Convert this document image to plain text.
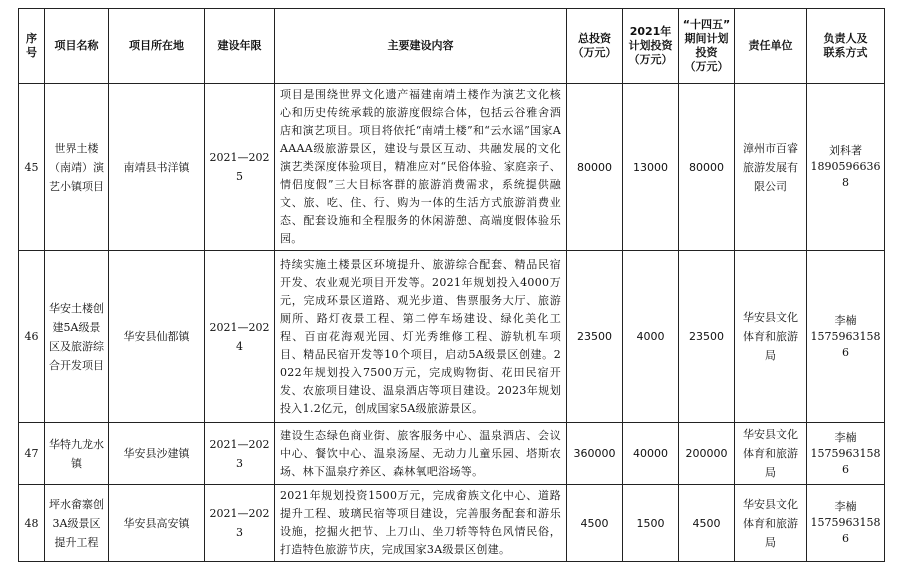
序号	项目名称	项目所在地	建设年限	主要建设内容	总投资
（万元）	2021年
计划投资
（万元）	“十四五”
期间计划
投资
（万元）	责任单位	负责人及
联系方式
45	世界土楼（南靖）演艺小镇项目	南靖县书洋镇	2021—2025	项目是围绕世界文化遗产福建南靖土楼作为演艺文化核心和历史传统承载的旅游度假综合体，包括云谷雅舍酒店和演艺项目。项目将依托“南靖土楼”和“云水谣”国家AAAAA级旅游景区，建设与景区互动、共融发展的文化演艺类深度体验项目，精准应对“民俗体验、家庭亲子、情侣度假”三大目标客群的旅游消费需求，系统提供融文、旅、吃、住、行、购为一体的生活方式旅游消费业态、配套设施和全程服务的休闲游憩、高端度假体验乐园。	80000	13000	80000	漳州市百睿旅游发展有限公司	刘科著
18905966368

46	华安土楼创建5A级景区及旅游综合开发项目	华安县仙都镇	2021—2024	持续实施土楼景区环境提升、旅游综合配套、精品民宿开发、农业观光项目开发等。2021年规划投入4000万元，完成环景区道路、观光步道、售票服务大厅、旅游厕所、路灯夜景工程、第二停车场建设、绿化美化工程、百亩花海观光园、灯光秀维修工程、游轨机车项目、精品民宿开发等10个项目，启动5A级景区创建。2022年规划投入7500万元，完成购物街、花田民宿开发、农旅项目建设、温泉酒店等项目建设。2023年规划投入1.2亿元，创成国家5A级旅游景区。	23500	4000	23500	华安县文化体育和旅游局	李楠
15759631586

47	华特九龙水镇	华安县沙建镇	2021—2023	建设生态绿色商业街、旅客服务中心、温泉酒店、会议中心、餐饮中心、温泉汤屋、无动力儿童乐园、塔斯农场、林下温泉疗养区、森林氧吧浴场等。	360000	40000	200000	华安县文化体育和旅游局	李楠
15759631586

48	坪水畲寨创3A级景区提升工程	华安县高安镇	2021—2023	2021年规划投资1500万元，完成畲族文化中心、道路提升工程、玻璃民宿等项目建设，完善服务配套和游乐设施，挖掘火把节、上刀山、坐刀轿等特色风情民俗，打造特色旅游节庆，完成国家3A级景区创建。	4500	1500	4500	华安县文化体育和旅游局	李楠
15759631586
